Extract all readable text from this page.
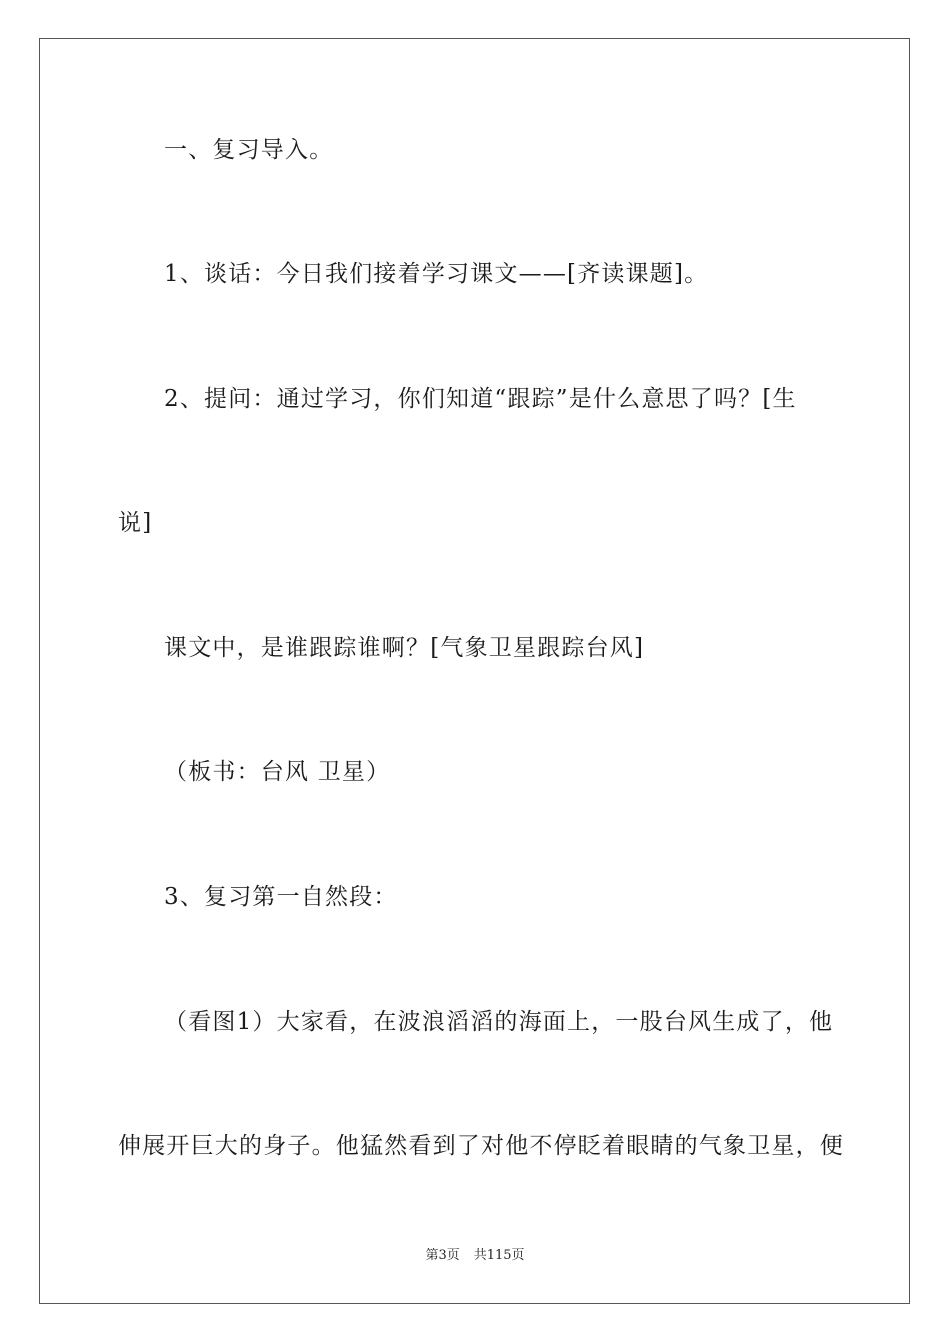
一、复习导入。
1、谈话：今日我们接着学习课文——[齐读课题]。
2、提问：通过学习，你们知道“跟踪”是什么意思了吗？[生
说]
课文中，是谁跟踪谁啊？[气象卫星跟踪台风]
（板书：台风 卫星）
3、复习第一自然段：
（看图1）大家看，在波浪滔滔的海面上，一股台风生成了，他
伸展开巨大的身子。他猛然看到了对他不停眨着眼睛的气象卫星，便
第3页 共115页
